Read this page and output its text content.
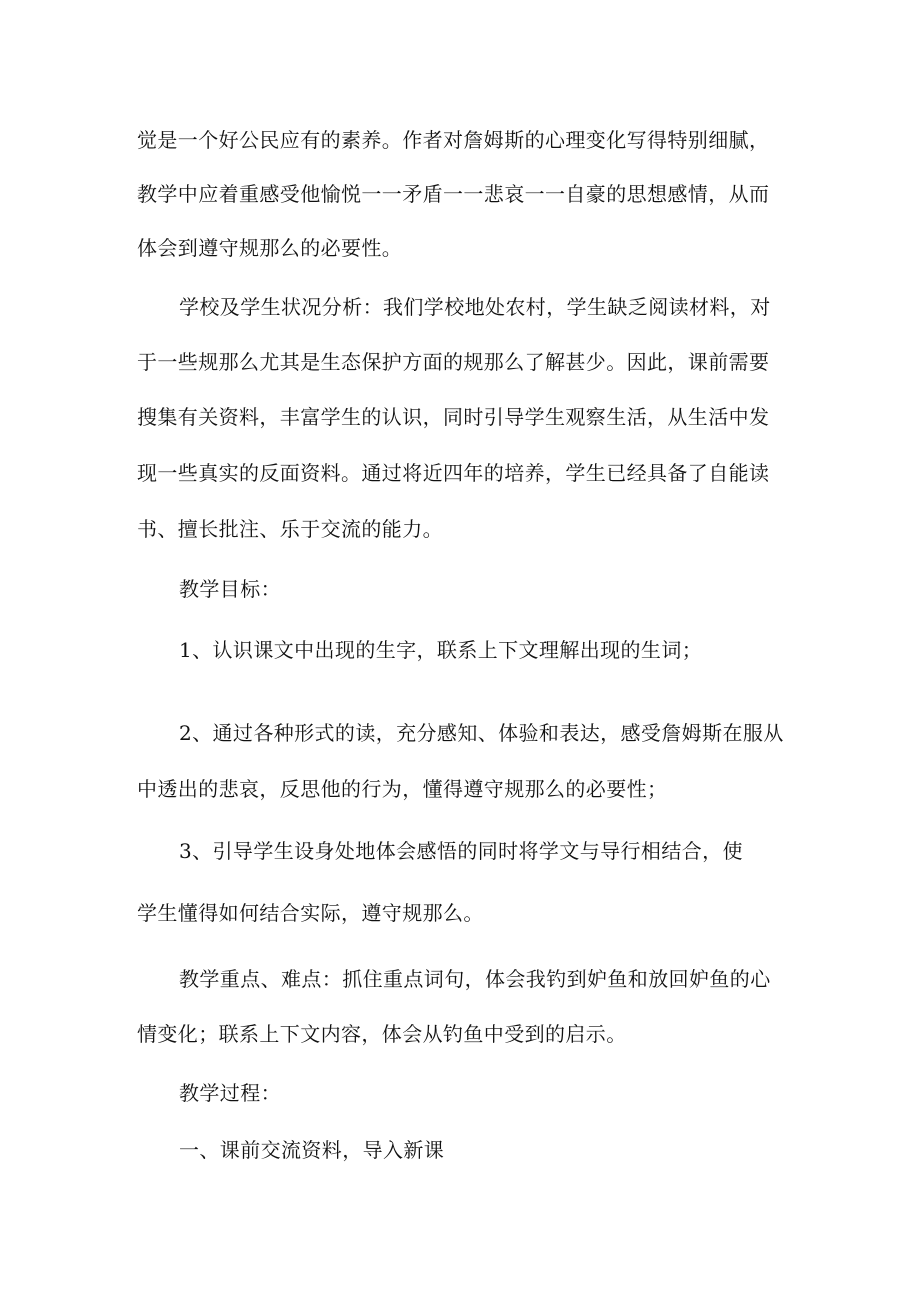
觉是一个好公民应有的素养。作者对詹姆斯的心理变化写得特别细腻，

教学中应着重感受他愉悦一一矛盾一一悲哀一一自豪的思想感情，从而

体会到遵守规那么的必要性。

学校及学生状况分析：我们学校地处农村，学生缺乏阅读材料，对

于一些规那么尤其是生态保护方面的规那么了解甚少。因此，课前需要

搜集有关资料，丰富学生的认识，同时引导学生观察生活，从生活中发

现一些真实的反面资料。通过将近四年的培养，学生已经具备了自能读

书、擅长批注、乐于交流的能力。

教学目标：

1、认识课文中出现的生字，联系上下文理解出现的生词；

2、通过各种形式的读，充分感知、体验和表达，感受詹姆斯在服从

中透出的悲哀，反思他的行为，懂得遵守规那么的必要性；

3、引导学生设身处地体会感悟的同时将学文与导行相结合，使

学生懂得如何结合实际，遵守规那么。

教学重点、难点：抓住重点词句，体会我钓到妒鱼和放回妒鱼的心

情变化；联系上下文内容，体会从钓鱼中受到的启示。

教学过程：

一、课前交流资料，导入新课
